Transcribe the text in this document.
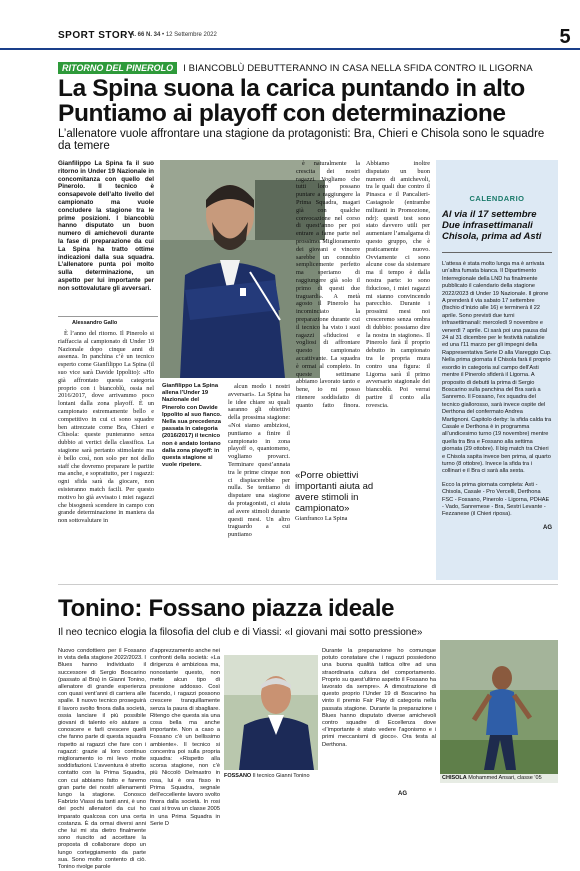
SPORT STORY
A. 66 N. 34 • 12 Settembre 2022	5
RITORNO DEL PINEROLO	I BIANCOBLÙ DEBUTTERANNO IN CASA NELLA SFIDA CONTRO IL LIGORNA
La Spina suona la carica puntando in alto
Puntiamo ai playoff con determinazione
L’allenatore vuole affrontare una stagione da protagonisti: Bra, Chieri e Chisola sono le squadre da temere
Gianfilippo La Spina fa il suo ritorno in Under 19 Nazionale in concomitanza con quello del Pinerolo. Il tecnico è consapevole dell’alto livello del campionato ma vuole concludere la stagione tra le prime posizioni. I biancoblù hanno disputato un buon numero di amichevoli durante la fase di preparazione da cui La Spina ha tratto ottime indicazioni dalla sua squadra. L’allenatore punta poi molto sulla determinazione, un aspetto per lui importante per non sottovalutare gli avversari.
Alessandro Gallo

È l’anno del ritorno. Il Pinerolo si riaffaccia al campionato di Under 19 Nazionale dopo cinque anni di assenza. In panchina c’è un tecnico esperto come Gianfilippo La Spina (il suo vice sarà Davide Ippolito): «Ho già affrontato questa categoria proprio con i biancoblù, ossia nel 2016/2017, dove arrivammo poco lontani dalla zona playoff. È un campionato estremamente bello e competitivo in cui ci sono squadre ben attrezzate come Bra, Chieri e Chisola: queste punteranno senza dubbio ai vertici della classifica. La stagione sarà pertanto stimolante ma è bello così, non solo per noi dello staff che dovremo preparare le partite ma anche, e soprattutto, per i ragazzi: ogni sfida sarà da giocare, non esisteranno match facili. Per questo motivo ho già avvisato i miei ragazzi che bisognerà scendere in campo con grande determinazione in maniera da non sottovalutare in

Gianfilippo La Spina allena l’Under 19 Nazionale del Pinerolo con Davide Ippolito al suo fianco. Nella sua precedenza passata in categoria (2016/2017) il tecnico non è andato lontano dalla zona playoff: in questa stagione si vuole ripetere.

alcun modo i nostri avversari». La Spina ha le idee chiare su quali saranno gli obiettivi della prossima stagione: «Noi siamo ambiziosi, puntiamo a finire il campionato in zona playoff o, quantomeno, vogliamo provarci. Terminare quest’annata tra le prime cinque non ci dispiacerebbe per nulla. Se tentiamo di disputare una stagione da protagonisti, ci aiuta ad avere stimoli durante questi mesi. Un altro traguardo a cui puntiamo

«Porre obiettivi importanti aiuta ad avere stimoli in campionato»
Gianfranco La Spina

è naturalmente la crescita dei nostri ragazzi. Vogliamo che tutti loro possano puntare a raggiungere la Prima Squadra, magari già con qualche convocazione nel corso di quest’anno per poi entrare a farne parte nel prossimo. Miglioramento dei giovani e vincere sarebbe un connubio semplicemente perfetto ma speriamo di raggiungere già solo il primo di questi due traguardi». A metà agosto il Pinerolo ha incominciato la preparazione durante cui il tecnico ha visto i suoi ragazzi «fiduciosi e vogliosi di affrontare questo campionato accattivante. La squadra è ormai al completo. In queste settimane abbiamo lavorato tanto e bene, io mi posso ritenere soddisfatto di quanto fatto finora. Abbiamo inoltre disputato un buon numero di amichevoli, tra le quali due contro il Pinasca e il Pancalieri-Castagnole (entrambe militanti in Promozione, ndr): questi test sono stato davvero utili per aumentare l’amalgama di questo gruppo, che è praticamente nuovo. Ovviamente ci sono alcune cose da sistemare ma il tempo è dalla nostra parte: io sono fiducioso, i miei ragazzi mi stanno convincendo parecchio. Durante i prossimi mesi noi cresceremo senza ombra di dubbio: possiamo dire la nostra in stagione». Il Pinerolo farà il proprio debutto in campionato tra le propria mura contro una figura: il Ligorna sarà il primo avversario stagionale dei biancoblù. Poi verrai partire il conto alla rovescia.

CALENDARIO
Al via il 17 settembre Due infrasettimanali Chisola, prima ad Asti

L’attesa è stata molto lunga ma è arrivata un’altra fumata bianca. Il Dipartimento Interregionale della LND ha finalmente pubblicato il calendario della stagione 2022/2023 di Under 19 Nazionale. Il girone A prenderà il via sabato 17 settembre (fischio d’inizio alle 16) e terminerà il 22 aprile. Sono previsti due turni infrasettimanali: mercoledì 9 novembre e venerdì 7 aprile. Ci sarà poi una pausa dal 24 al 31 dicembre per le festività natalizie ed una l’11 marzo per gli impegni della Rappresentativa Serie D alla Viareggio Cup. Nella prima giornata il Chisola farà il proprio esordio in categoria sul campo dell’Asti mentre il Pinerolo sfiderà il Ligorna. A proposito di debutti la prima di Sergio Boscarino sulla panchina del Bra sarà a Sanremo. Il Fossano, l’ex squadra del tecnico giallorosso, sarà invece ospite del Derthona del confermato Andrea Martignoni. Capitolo derby: la sfida calda tra Casale e Derthona è in programma all’undicesimo turno (19 novembre) mentre quella tra Bra e Fossano alla settima giornata (29 ottobre). Il big match tra Chieri e Chisola sapita invece ben prima, al quarto turno (8 ottobre). Invece la sfida tra i collinari e il Bra ci sarà alla sesta.

Ecco la prima giornata completa: Asti - Chisola, Casale - Pro Vercelli, Derthona FSC - Fossano, Pinerolo - Ligorna, PDHAE - Vado, Sanremese - Bra, Sestri Levante - Fezzanese (il Chieri riposa).

AG
Tonino: Fossano piazza ideale
Il neo tecnico elogia la filosofia del club e di Viassi: «I giovani mai sotto pressione»
Nuovo condottiero per il Fossano in vista della stagione 2022/2023. I Blues hanno individuato il successore di Sergio Boscarino (passato al Bra) in Gianni Tonino, allenatore di grande esperienza con quasi vent’anni di carriera alle spalle. Il nuovo tecnico proseguirà il lavoro svolto finora dalla società, ossia lanciare il più possibile giovani di talento e/o aiutare a conoscere e farli crescere quelli che fanno parte di questa squadra rispetto ai ragazzi che fare con i ragazzi: grazie al loro continuo miglioramento io mi levo molte soddisfazioni. L’avventura è stretto contatto con la Prima Squadra, con cui abbiamo fatto e faremo gran parte dei nostri allenamenti lungo la stagione. Conosco Fabrizio Viassi da tanti anni, è uno dei pochi allenatori da cui ho imparato qualcosa con una certa costanza. È da ormai diversi anni che lui mi sta dietro finalmente sono riuscito ad accettare la proposta di collaborare dopo un lungo corteggiamento da parte sua. Sono molto contento di ciò. Tonino rivolge parole
d’apprezzamento anche nei confronti della società: «La dirigenza è ambiziosa ma, nonostante questo, non mette alcun tipo di pressione addosso. Così facendo, i ragazzi possono crescere tranquillamente senza la paura di sbagliare. Ritengo che questa sia una cosa bella ma anche importante. Non a caso a Fossano c’è un bellissimo ambiente». Il tecnico si concentra poi sulla propria squadra: «Rispetto alla scorsa stagione, non c’è più Niccolò Delmastro in rosa, lui è ora fisso in Prima Squadra, segnale dell’eccellente lavoro svolto finora dalla società. In rosi casi si trova un classe 2005 in una Prima Squadra in Serie D
FOSSANO Il tecnico Gianni Tonino
Durante la preparazione ho comunque potuto constatare che i ragazzi possiedono una buona qualità tattica oltre ad una straordinaria cultura del comportamento. Proprio su quest’ultimo aspetto il Fossano ha lavorato da sempre». A dimostrazione di questo proprio l’Under 19 di Boscarino ha vinto il premio Fair Play di categoria nella passata stagione. Durante la preparazione i Blues hanno disputato diverse amichevoli contro squadre di Eccellenza dove «l’importante è stato vedere l’agonismo e i primi meccanismi di gioco». Ora testa al Derthona.
AG
CHISOLA Mohammed Ansari, classe ’05
